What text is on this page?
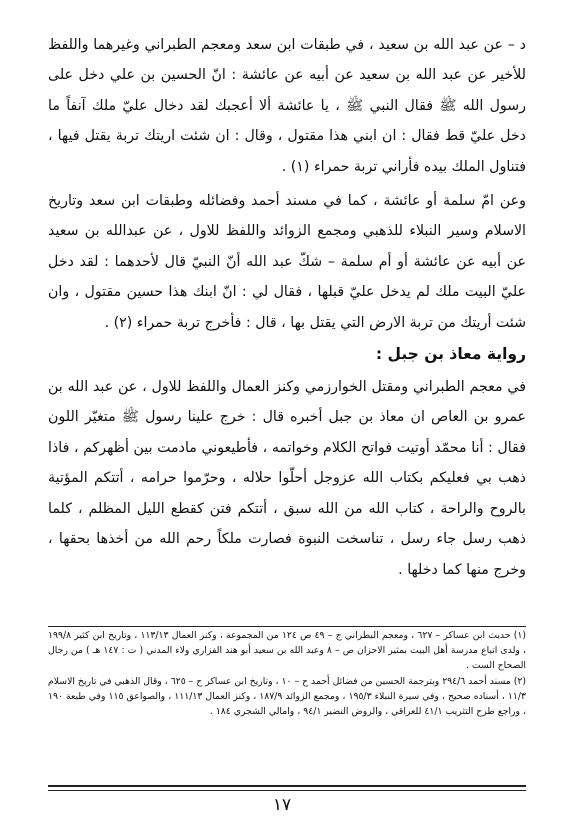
د – عن عبد الله بن سعيد ، في طبقات ابن سعد ومعجم الطبراني وغيرهما واللفظ للأخير عن عبد الله بن سعيد عن أبيه عن عائشة : انّ الحسين بن علي دخل على رسول الله ﷺ فقال النبي ﷺ ، يا عائشة ألا أعجبك لقد دخال عليّ ملك آنفاً ما دخل عليّ قط فقال : ان ابني هذا مقتول ، وقال : ان شئت اريتك تربة يقتل فيها ، فتناول الملك بيده فأراني تربة حمراء (١) .

وعن امّ سلمة أو عائشة ، كما في مسند أحمد وفضائله وطبقات ابن سعد وتاريخ الاسلام وسير النبلاء للذهبي ومجمع الزوائد واللفظ للاول ، عن عبدالله بن سعيد عن أبيه عن عائشة أو أم سلمة – شكّ عبد الله أنّ النبيّ قال لأحدهما : لقد دخل عليّ البيت ملك لم يدخل عليّ قبلها ، فقال لي : انّ ابنك هذا حسين مقتول ، وان شئت أريتك من تربة الارض التي يقتل بها ، قال : فأخرج تربة حمراء (٢) .

رواية معاذ بن جبل :

في معجم الطبراني ومقتل الخوارزمي وكنز العمال واللفظ للاول ، عن عبد الله بن عمرو بن العاص ان معاذ بن جبل أخبره قال : خرج علينا رسول ﷺ متغيّر اللون فقال : أنا محمّد أوتيت فواتح الكلام وخواتمه ، فأطيعوني مادمت بين أظهركم ، فاذا ذهب بي فعليكم بكتاب الله عزوجل أحلّوا حلاله ، وحرّموا حرامه ، أتتكم المؤتية بالروح والراحة ، كتاب الله من الله سبق ، أتتكم فتن كقطع الليل المظلم ، كلما ذهب رسل جاء رسل ، تناسخت النبوة فصارت ملكاً رحم الله من أخذها بحقها ، وخرج منها كما دخلها .

(١) حديث ابن عساكر – ٦٢٧ ، ومعجم البطراني ج – ٤٩ ص ١٢٤ من المجموعة ، وكنز العمال ١١٣/١٣ ، وتاريخ ابن كثير ١٩٩/٨ ، ولدى اتباع مدرسة أهل البيت بمثير الاحزان ص – ٨ وعبد الله بن سعيد أبو هند الفزاري ولاء المدني ( ت : ١٤٧ هـ ) من رجال الصحاح الست .

(٢) مسند أحمد ٢٩٤/٦ وبترجمة الحسين من فضائل أحمد ح – ١٠ ، وتاريخ ابن عساكر ح – ٦٢٥ ، وقال الذهبي في تاريخ الاسلام ١١/٣ ، أسناده صحيح ، وفي سيرة النبلاء ١٩٥/٣ ، ومجمع الزوائد ١٨٧/٩ ، وكنز العمال ١١١/١٣ ، والصواعق ١١٥ وفي طبعة ١٩٠ ، وراجع طرح التثريب ٤١/١ للعراقي ، والروض النضير ٩٤/١ ، وامالي الشجري ١٨٤ .

١٧
